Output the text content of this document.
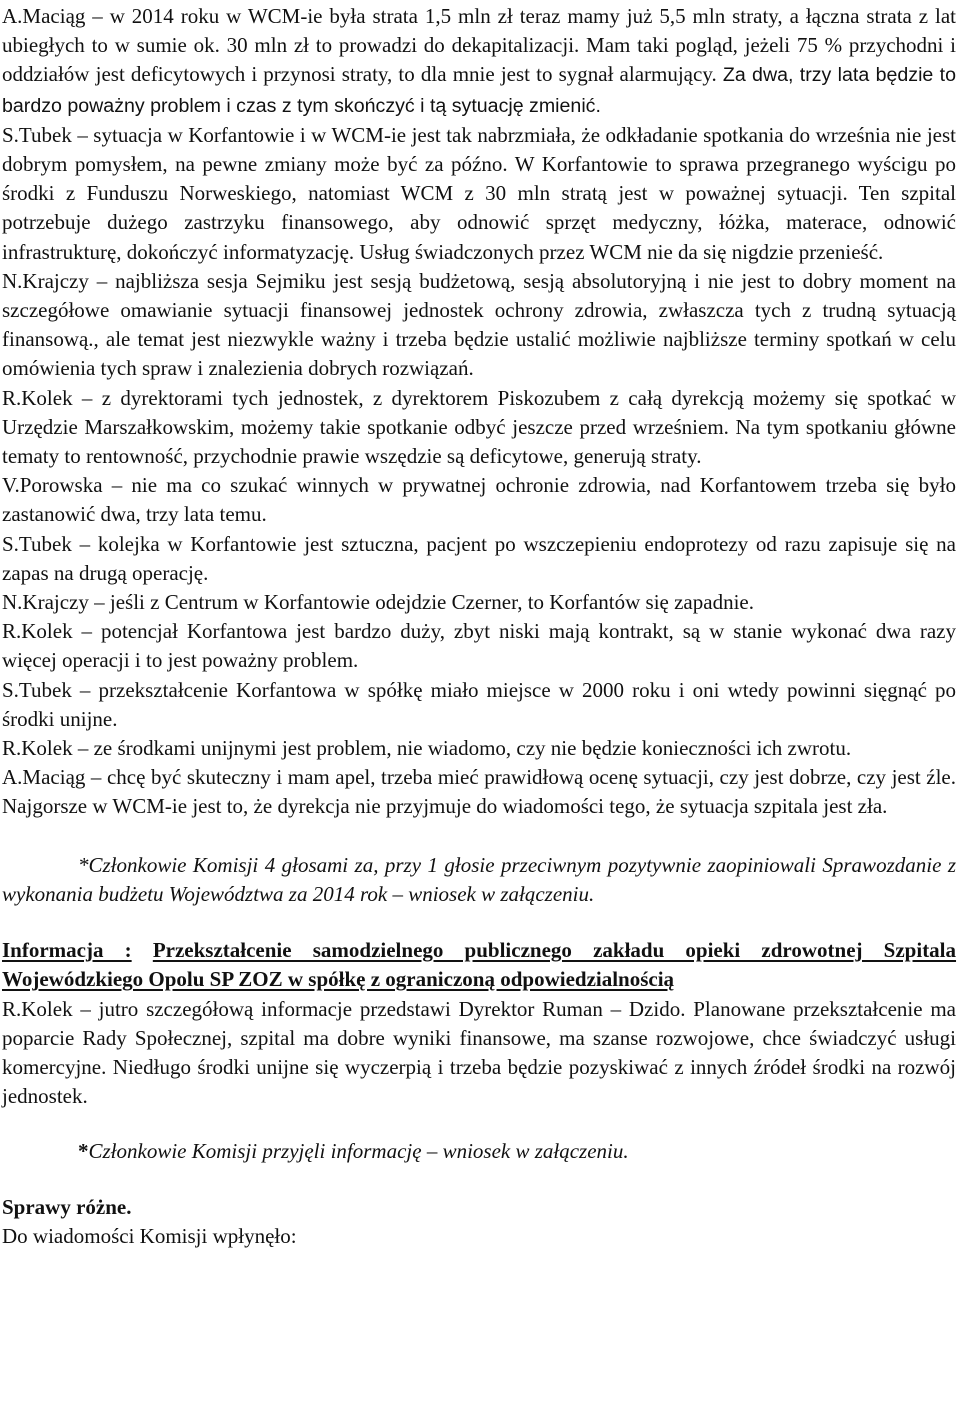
A.Maciąg – w 2014 roku w WCM-ie była strata 1,5 mln zł teraz mamy już 5,5 mln straty, a łączna strata z lat ubiegłych to w sumie ok. 30 mln zł to prowadzi do dekapitalizacji. Mam taki pogląd, jeżeli 75 % przychodni i oddziałów jest deficytowych i przynosi straty, to dla mnie jest to sygnał alarmujący. Za dwa, trzy lata będzie to bardzo poważny problem i czas z tym skończyć i tą sytuację zmienić.

S.Tubek – sytuacja w Korfantowie i w WCM-ie jest tak nabrzmiała, że odkładanie spotkania do września nie jest dobrym pomysłem, na pewne zmiany może być za późno. W Korfantowie to sprawa przegranego wyścigu po środki z Funduszu Norweskiego, natomiast WCM z 30 mln stratą jest w poważnej sytuacji. Ten szpital potrzebuje dużego zastrzyku finansowego, aby odnowić sprzęt medyczny, łóżka, materace, odnowić infrastrukturę, dokończyć informatyzację. Usług świadczonych przez WCM nie da się nigdzie przenieść.

N.Krajczy – najbliższa sesja Sejmiku jest sesją budżetową, sesją absolutoryjną i nie jest to dobry moment na szczegółowe omawianie sytuacji finansowej jednostek ochrony zdrowia, zwłaszcza tych z trudną sytuacją finansową., ale temat jest niezwykle ważny i trzeba będzie ustalić możliwie najbliższe terminy spotkań w celu omówienia tych spraw i znalezienia dobrych rozwiązań.

R.Kolek – z dyrektorami tych jednostek, z dyrektorem Piskozubem z całą dyrekcją możemy się spotkać w Urzędzie Marszałkowskim, możemy takie spotkanie odbyć jeszcze przed wrześniem. Na tym spotkaniu główne tematy to rentowność, przychodnie prawie wszędzie są deficytowe, generują straty.

V.Porowska – nie ma co szukać winnych w prywatnej ochronie zdrowia, nad Korfantowem trzeba się było zastanowić dwa, trzy lata temu.

S.Tubek – kolejka w Korfantowie jest sztuczna, pacjent po wszczepieniu endoprotezy od razu zapisuje się na zapas na drugą operację.

N.Krajczy – jeśli z Centrum w Korfantowie odejdzie Czerner, to Korfantów się zapadnie.

R.Kolek – potencjał Korfantowa jest bardzo duży, zbyt niski mają kontrakt, są w stanie wykonać dwa razy więcej operacji i to jest poważny problem.

S.Tubek – przekształcenie Korfantowa w spółkę miało miejsce w 2000 roku i oni wtedy powinni sięgnąć po środki unijne.

R.Kolek – ze środkami unijnymi jest problem, nie wiadomo, czy nie będzie konieczności ich zwrotu.

A.Maciąg – chcę być skuteczny i mam apel, trzeba mieć prawidłową ocenę sytuacji, czy jest dobrze, czy jest źle. Najgorsze w WCM-ie jest to, że dyrekcja nie przyjmuje do wiadomości tego, że sytuacja szpitala jest zła.

*Członkowie Komisji 4 głosami za, przy 1 głosie przeciwnym pozytywnie zaopiniowali Sprawozdanie z wykonania budżetu Województwa za 2014 rok – wniosek w załączeniu.

Informacja : Przekształcenie samodzielnego publicznego zakładu opieki zdrowotnej Szpitala Wojewódzkiego Opolu SP ZOZ w spółkę z ograniczoną odpowiedzialnością

R.Kolek – jutro szczegółową informacje przedstawi Dyrektor Ruman – Dzido. Planowane przekształcenie ma poparcie Rady Społecznej, szpital ma dobre wyniki finansowe, ma szanse rozwojowe, chce świadczyć usługi komercyjne. Niedługo środki unijne się wyczerpią i trzeba będzie pozyskiwać z innych źródeł środki na rozwój jednostek.

*Członkowie Komisji przyjęli informację – wniosek w załączeniu.

Sprawy różne.

Do wiadomości Komisji wpłynęło:
